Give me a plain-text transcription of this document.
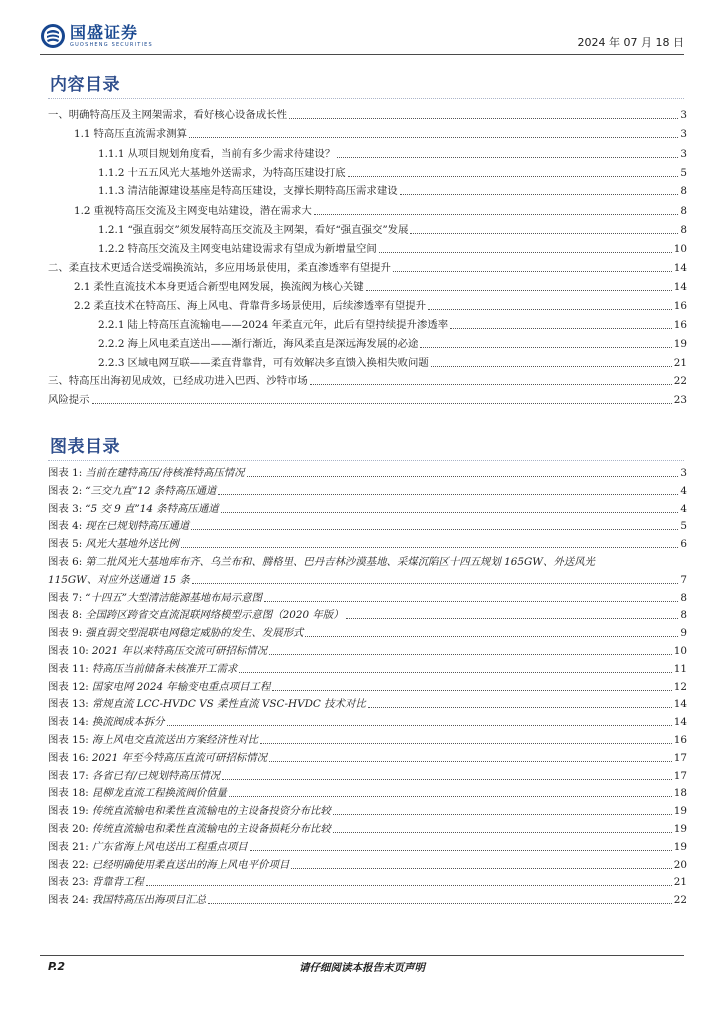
国盛证券
GUOSHENG SECURITIES	2024 年 07 月 18 日
内容目录
一、明确特高压及主网架需求，看好核心设备成长性	3
1.1 特高压直流需求测算	3
1.1.1 从项目规划角度看，当前有多少需求待建设？	3
1.1.2 十五五风光大基地外送需求，为特高压建设打底	5
1.1.3 清洁能源建设基座是特高压建设，支撑长期特高压需求建设	8
1.2 重视特高压交流及主网变电站建设，潜在需求大	8
1.2.1 “强直弱交”须发展特高压交流及主网架，看好“强直强交”发展	8
1.2.2 特高压交流及主网变电站建设需求有望成为新增量空间	10
二、柔直技术更适合送受端换流站，多应用场景使用，柔直渗透率有望提升	14
2.1 柔性直流技术本身更适合新型电网发展，换流阀为核心关键	14
2.2 柔直技术在特高压、海上风电、背靠背多场景使用，后续渗透率有望提升	16
2.2.1 陆上特高压直流输电——2024 年柔直元年，此后有望持续提升渗透率	16
2.2.2 海上风电柔直送出——渐行渐近，海风柔直是深远海发展的必途	19
2.2.3 区域电网互联——柔直背靠背，可有效解决多直馈入换相失败问题	21
三、特高压出海初见成效，已经成功进入巴西、沙特市场	22
风险提示	23
图表目录
图表 1: 当前在建特高压/待核准特高压情况	3
图表 2: “三交九直”12 条特高压通道	4
图表 3: “5 交 9 直”14 条特高压通道	4
图表 4: 现在已规划特高压通道	5
图表 5: 风光大基地外送比例	6
图表 6: 第二批风光大基地库布齐、乌兰布和、腾格里、巴丹吉林沙漠基地、采煤沉陷区十四五规划 165GW、外送风光
115GW、对应外送通道 15 条	7
图表 7: “十四五”大型清洁能源基地布局示意图	8
图表 8: 全国跨区跨省交直流混联网络模型示意图（2020 年版）	8
图表 9: 强直弱交型混联电网稳定威胁的发生、发展形式	9
图表 10: 2021 年以来特高压交流可研招标情况	10
图表 11: 特高压当前储备未核准开工需求	11
图表 12: 国家电网 2024 年输变电重点项目工程	12
图表 13: 常规直流 LCC-HVDC VS 柔性直流 VSC-HVDC 技术对比	14
图表 14: 换流阀成本拆分	14
图表 15: 海上风电交直流送出方案经济性对比	16
图表 16: 2021 年至今特高压直流可研招标情况	17
图表 17: 各省已有/已规划特高压情况	17
图表 18: 昆柳龙直流工程换流阀价值量	18
图表 19: 传统直流输电和柔性直流输电的主设备投资分布比较	19
图表 20: 传统直流输电和柔性直流输电的主设备损耗分布比较	19
图表 21: 广东省海上风电送出工程重点项目	19
图表 22: 已经明确使用柔直送出的海上风电平价项目	20
图表 23: 背靠背工程	21
图表 24: 我国特高压出海项目汇总	22
P.2	请仔细阅读本报告末页声明
